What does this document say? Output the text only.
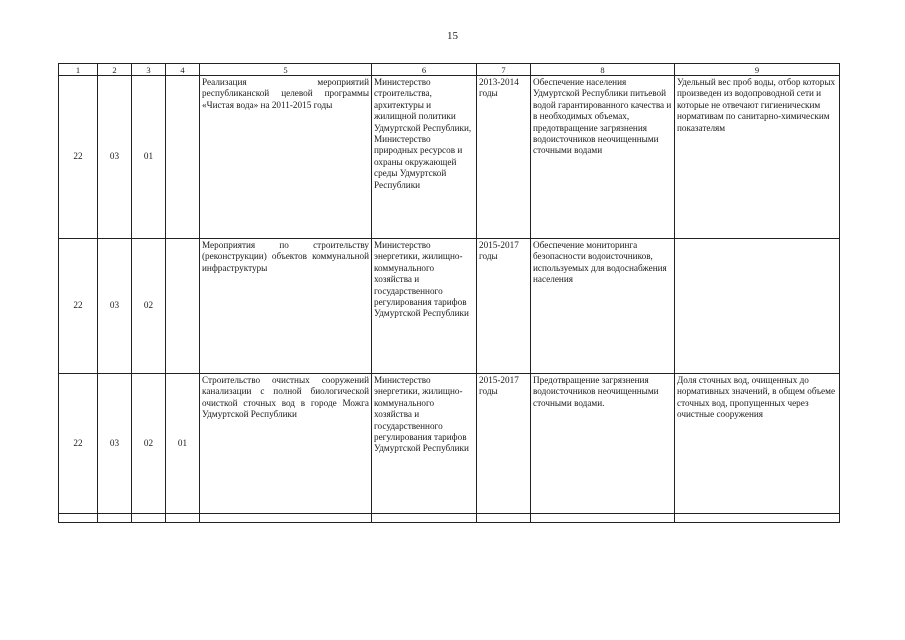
15
1	2	3	4	5	6	7	8	9
22	03	01		Реализация мероприятий республиканской целевой программы «Чистая вода» на 2011-2015 годы	Министерство строительства, архитектуры и жилищной политики Удмуртской Республики, Министерство природных ресурсов и охраны окружающей среды Удмуртской Республики	2013-2014 годы	Обеспечение населения Удмуртской Республики питьевой водой гарантированного качества и в необходимых объемах, предотвращение загрязнения водоисточников неочищенными сточными водами	Удельный вес проб воды, отбор которых произведен из водопроводной сети и которые не отвечают гигиеническим нормативам по санитарно-химическим показателям
22	03	02		Мероприятия по строительству (реконструкции) объектов коммунальной инфраструктуры	Министерство энергетики, жилищно-коммунального хозяйства и государственного регулирования тарифов Удмуртской Республики	2015-2017 годы	Обеспечение мониторинга безопасности водоисточников, используемых для водоснабжения населения	
22	03	02	01	Строительство очистных сооружений канализации с полной биологической очисткой сточных вод в городе Можга Удмуртской Республики	Министерство энергетики, жилищно-коммунального хозяйства и государственного регулирования тарифов Удмуртской Республики	2015-2017 годы	Предотвращение загрязнения водоисточников неочищенными сточными водами.	Доля сточных вод, очищенных до нормативных значений, в общем объеме сточных вод, пропущенных через очистные сооружения
